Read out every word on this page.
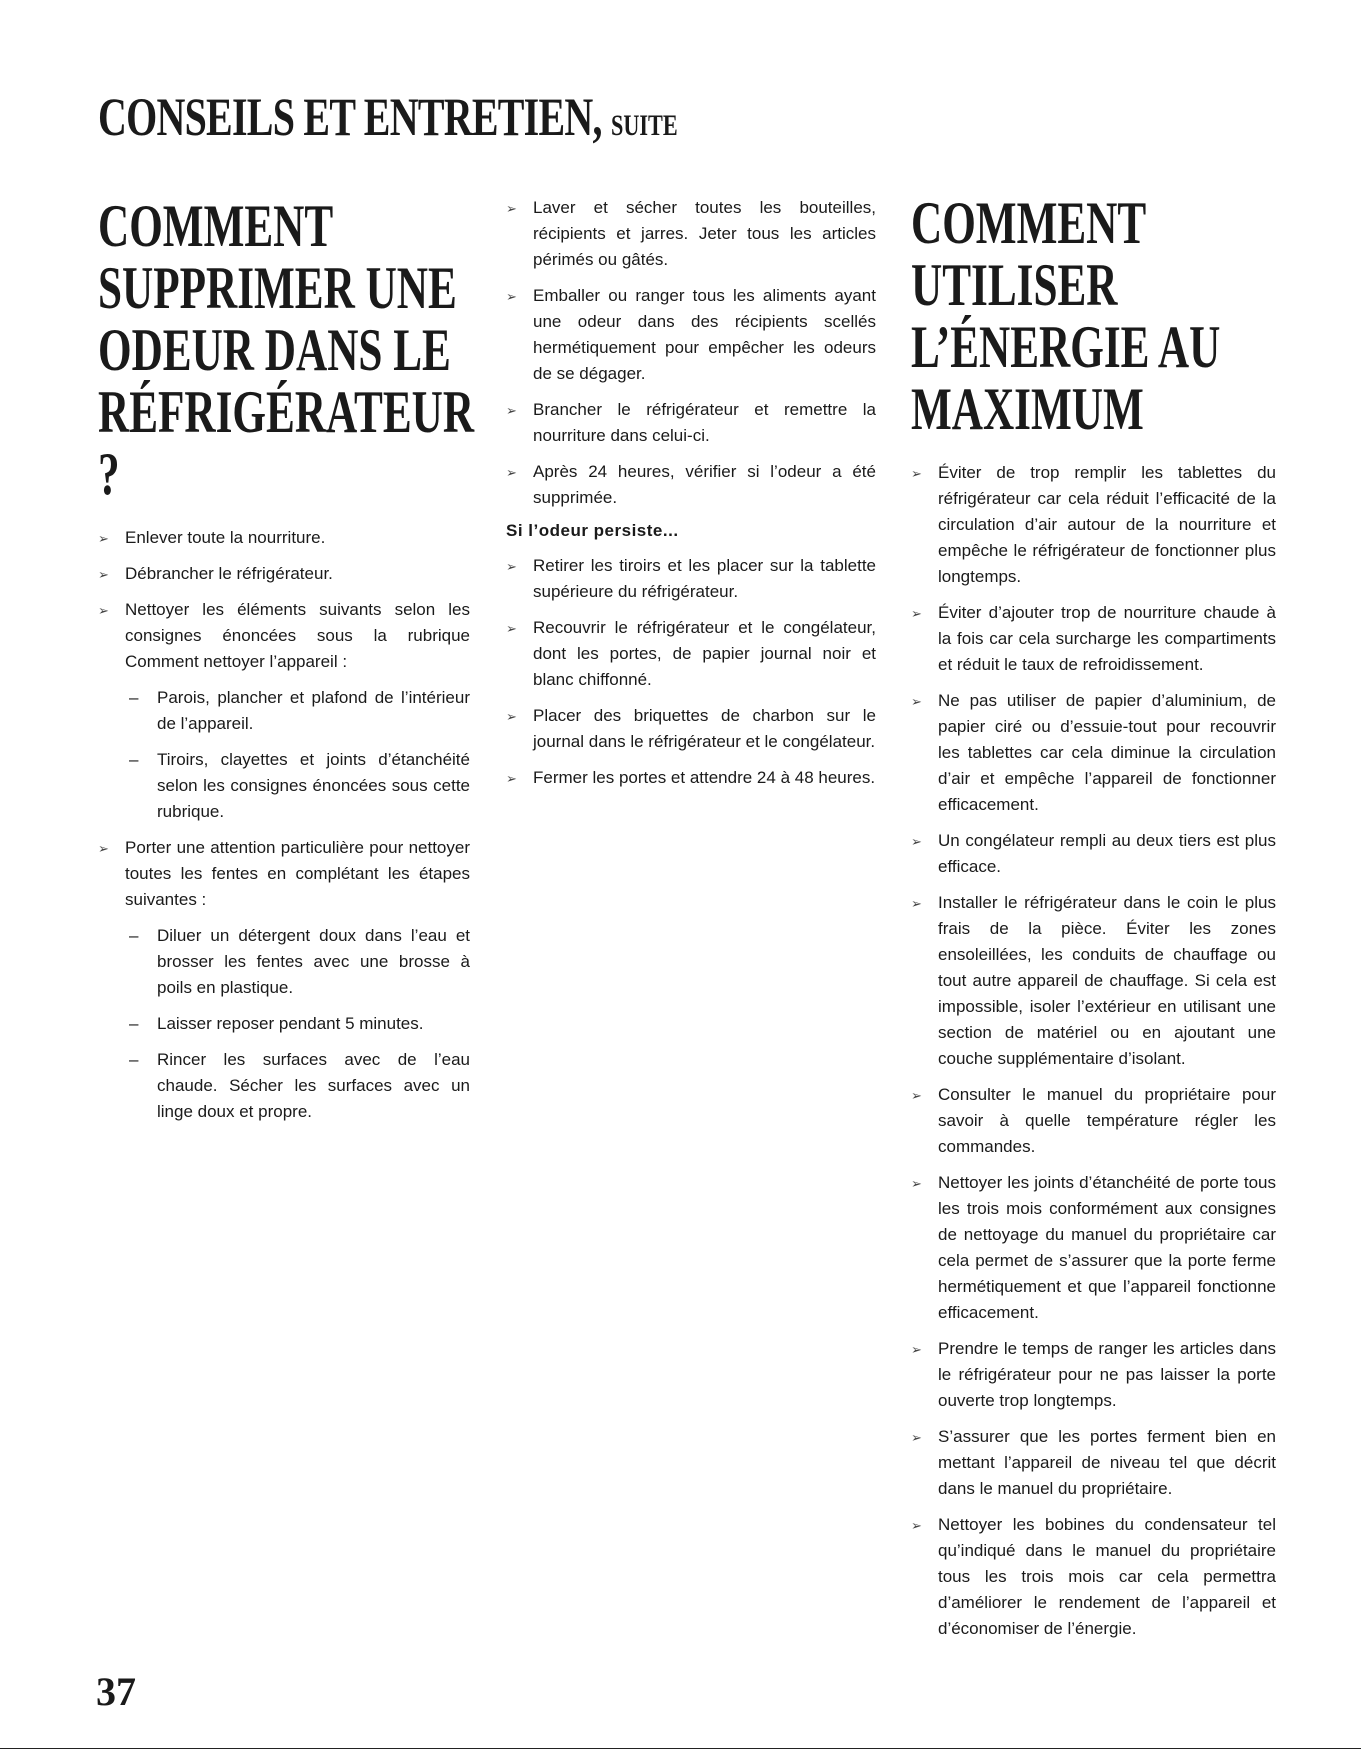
CONSEILS ET ENTRETIEN, SUITE
COMMENT SUPPRIMER UNE ODEUR DANS LE RÉFRIGÉRATEUR ?
➢ Enlever toute la nourriture.
➢ Débrancher le réfrigérateur.
➢ Nettoyer les éléments suivants selon les consignes énoncées sous la rubrique Comment nettoyer l’appareil :
– Parois, plancher et plafond de l’intérieur de l’appareil.
– Tiroirs, clayettes et joints d’étanchéité selon les consignes énoncées sous cette rubrique.
➢ Porter une attention particulière pour nettoyer toutes les fentes en complétant les étapes suivantes :
– Diluer un détergent doux dans l’eau et brosser les fentes avec une brosse à poils en plastique.
– Laisser reposer pendant 5 minutes.
– Rincer les surfaces avec de l’eau chaude. Sécher les surfaces avec un linge doux et propre.
➢ Laver et sécher toutes les bouteilles, récipients et jarres. Jeter tous les articles périmés ou gâtés.
➢ Emballer ou ranger tous les aliments ayant une odeur dans des récipients scellés hermétiquement pour empêcher les odeurs de se dégager.
➢ Brancher le réfrigérateur et remettre la nourriture dans celui-ci.
➢ Après 24 heures, vérifier si l’odeur a été supprimée.
Si l’odeur persiste...
➢ Retirer les tiroirs et les placer sur la tablette supérieure du réfrigérateur.
➢ Recouvrir le réfrigérateur et le congélateur, dont les portes, de papier journal noir et blanc chiffonné.
➢ Placer des briquettes de charbon sur le journal dans le réfrigérateur et le congélateur.
➢ Fermer les portes et attendre 24 à 48 heures.
COMMENT UTILISER L’ÉNERGIE AU MAXIMUM
➢ Éviter de trop remplir les tablettes du réfrigérateur car cela réduit l’efficacité de la circulation d’air autour de la nourriture et empêche le réfrigérateur de fonctionner plus longtemps.
➢ Éviter d’ajouter trop de nourriture chaude à la fois car cela surcharge les compartiments et réduit le taux de refroidissement.
➢ Ne pas utiliser de papier d’aluminium, de papier ciré ou d’essuie-tout pour recouvrir les tablettes car cela diminue la circulation d’air et empêche l’appareil de fonctionner efficacement.
➢ Un congélateur rempli au deux tiers est plus efficace.
➢ Installer le réfrigérateur dans le coin le plus frais de la pièce. Éviter les zones ensoleillées, les conduits de chauffage ou tout autre appareil de chauffage. Si cela est impossible, isoler l’extérieur en utilisant une section de matériel ou en ajoutant une couche supplémentaire d’isolant.
➢ Consulter le manuel du propriétaire pour savoir à quelle température régler les commandes.
➢ Nettoyer les joints d’étanchéité de porte tous les trois mois conformément aux consignes de nettoyage du manuel du propriétaire car cela permet de s’assurer que la porte ferme hermétiquement et que l’appareil fonctionne efficacement.
➢ Prendre le temps de ranger les articles dans le réfrigérateur pour ne pas laisser la porte ouverte trop longtemps.
➢ S’assurer que les portes ferment bien en mettant l’appareil de niveau tel que décrit dans le manuel du propriétaire.
➢ Nettoyer les bobines du condensateur tel qu’indiqué dans le manuel du propriétaire tous les trois mois car cela permettra d’améliorer le rendement de l’appareil et d’économiser de l’énergie.
37
